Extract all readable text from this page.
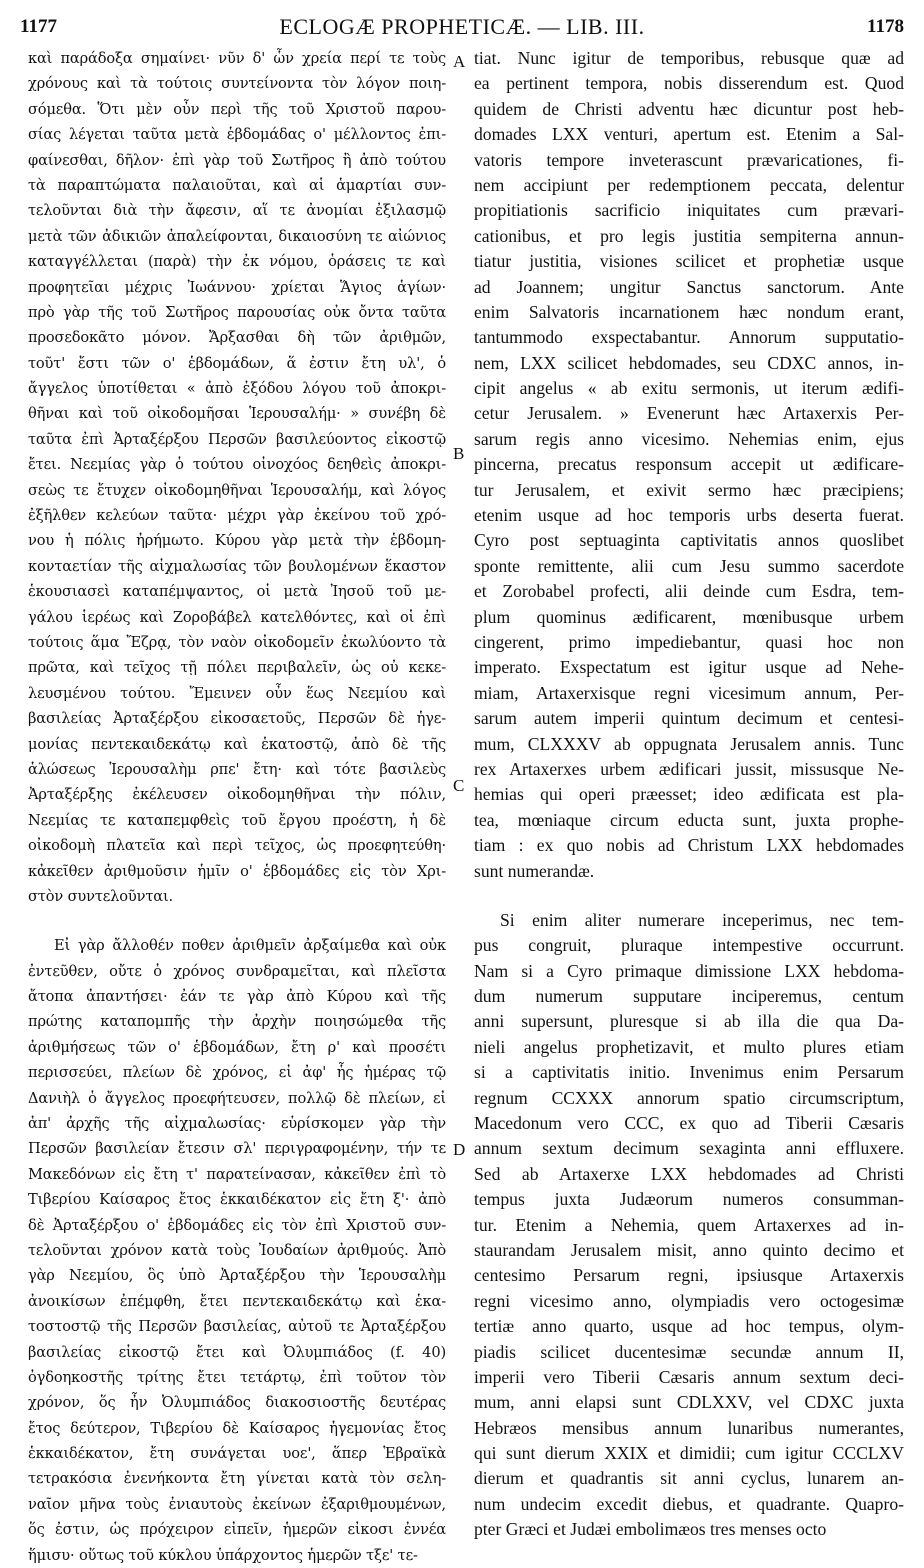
1177	ECLOGÆ PROPHETICÆ. — LIB. III.	1178
καὶ παράδοξα σημαίνει· νῦν δ' ὧν χρεία περί τε τοὺς
χρόνους καὶ τὰ τούτοις συντείνοντα τὸν λόγον ποιη-
σόμεθα. Ὅτι μὲν οὖν περὶ τῆς τοῦ Χριστοῦ παρου-
σίας λέγεται ταῦτα μετὰ ἑβδομάδας ο' μέλλοντος ἐπι-
φαίνεσθαι, δῆλον· ἐπὶ γὰρ τοῦ Σωτῆρος ἢ ἀπὸ τούτου
τὰ παραπτώματα παλαιοῦται, καὶ αἱ ἁμαρτίαι συν-
τελοῦνται διὰ τὴν ἄφεσιν, αἵ τε ἀνομίαι ἐξιλασμῷ
μετὰ τῶν ἀδικιῶν ἀπαλείφονται, δικαιοσύνη τε αἰώνιος
καταγγέλλεται (παρὰ) τὴν ἐκ νόμου, ὁράσεις τε καὶ
προφητεῖαι μέχρις Ἰωάννου· χρίεται Ἅγιος ἁγίων·
πρὸ γὰρ τῆς τοῦ Σωτῆρος παρουσίας οὐκ ὄντα ταῦτα
προσεδοκᾶτο μόνον. Ἄρξασθαι δὴ τῶν ἀριθμῶν,
τοῦτ' ἔστι τῶν ο' ἑβδομάδων, ἅ ἐστιν ἔτη υλ', ὁ
ἄγγελος ὑποτίθεται « ἀπὸ ἐξόδου λόγου τοῦ ἀποκρι-
θῆναι καὶ τοῦ οἰκοδομῆσαι Ἱερουσαλήμ· » συνέβη δὲ
ταῦτα ἐπὶ Ἀρταξέρξου Περσῶν βασιλεύοντος εἰκοστῷ
ἔτει. Νεεμίας γὰρ ὁ τούτου οἰνοχόος δεηθεὶς ἀποκρι-
σεὼς τε ἔτυχεν οἰκοδομηθῆναι Ἱερουσαλήμ, καὶ λόγος
ἐξῆλθεν κελεύων ταῦτα· μέχρι γὰρ ἐκείνου τοῦ χρό-
νου ἡ πόλις ἠρήμωτο. Κύρου γὰρ μετὰ τὴν ἑβδομη-
κονταετίαν τῆς αἰχμαλωσίας τῶν βουλομένων ἕκαστον
ἑκουσιασεὶ καταπέμψαντος, οἱ μετὰ Ἰησοῦ τοῦ με-
γάλου ἱερέως καὶ Ζοροβάβελ κατελθόντες, καὶ οἱ ἐπὶ
τούτοις ἅμα Ἔζρᾳ, τὸν ναὸν οἰκοδομεῖν ἐκωλύοντο τὰ
πρῶτα, καὶ τεῖχος τῇ πόλει περιβαλεῖν, ὡς οὐ κεκε-
λευσμένου τούτου. Ἔμεινεν οὖν ἕως Νεεμίου καὶ
βασιλείας Ἀρταξέρξου εἰκοσαετοῦς, Περσῶν δὲ ἡγε-
μονίας πεντεκαιδεκάτῳ καὶ ἑκατοστῷ, ἀπὸ δὲ τῆς
ἁλώσεως Ἱερουσαλὴμ ρπε' ἔτη· καὶ τότε βασιλεὺς
Ἀρταξέρξης ἐκέλευσεν οἰκοδομηθῆναι τὴν πόλιν,
Νεεμίας τε καταπεμφθεὶς τοῦ ἔργου προέστη, ἡ δὲ
οἰκοδομὴ πλατεῖα καὶ περὶ τεῖχος, ὡς προεφητεύθη·
κἀκεῖθεν ἀριθμοῦσιν ἡμῖν ο' ἑβδομάδες εἰς τὸν Χρι-
στὸν συντελοῦνται.
Εἰ γὰρ ἄλλοθέν ποθεν ἀριθμεῖν ἀρξαίμεθα καὶ οὐκ
ἐντεῦθεν, οὔτε ὁ χρόνος συνδραμεῖται, καὶ πλεῖστα
ἄτοπα ἀπαντήσει· ἐάν τε γὰρ ἀπὸ Κύρου καὶ τῆς
πρώτης καταπομπῆς τὴν ἀρχὴν ποιησώμεθα τῆς
ἀριθμήσεως τῶν ο' ἑβδομάδων, ἔτη ρ' καὶ προσέτι
περισσεύει, πλείων δὲ χρόνος, εἰ ἀφ' ἧς ἡμέρας τῷ
Δανιὴλ ὁ ἄγγελος προεφήτευσεν, πολλῷ δὲ πλείων, εἰ
ἀπ' ἀρχῆς τῆς αἰχμαλωσίας· εὑρίσκομεν γὰρ τὴν
Περσῶν βασιλείαν ἔτεσιν σλ' περιγραφομένην, τήν τε
Μακεδόνων εἰς ἔτη τ' παρατείνασαν, κἀκεῖθεν ἐπὶ τὸ
Τιβερίου Καίσαρος ἔτος ἑκκαιδέκατον εἰς ἔτη ξ'· ἀπὸ
δὲ Ἀρταξέρξου ο' ἑβδομάδες εἰς τὸν ἐπὶ Χριστοῦ συν-
τελοῦνται χρόνον κατὰ τοὺς Ἰουδαίων ἀριθμούς. Ἀπὸ
γὰρ Νεεμίου, ὃς ὑπὸ Ἀρταξέρξου τὴν Ἱερουσαλὴμ
ἀνοικίσων ἐπέμφθη, ἔτει πεντεκαιδεκάτῳ καὶ ἑκα-
τοστοστῷ τῆς Περσῶν βασιλείας, αὐτοῦ τε Ἀρταξέρξου
βασιλείας εἰκοστῷ ἔτει καὶ Ὀλυμπιάδος (f. 40)
ὀγδοηκοστῆς τρίτης ἔτει τετάρτῳ, ἐπὶ τοῦτον τὸν
χρόνον, ὅς ἦν Ὀλυμπιάδος διακοσιοστῆς δευτέρας
ἔτος δεύτερον, Τιβερίου δὲ Καίσαρος ἡγεμονίας ἔτος
ἑκκαιδέκατον, ἔτη συνάγεται υοε', ἅπερ Ἑβραϊκὰ
τετρακόσια ἐνενήκοντα ἔτη γίνεται κατὰ τὸν σελη-
ναῖον μῆνα τοὺς ἐνιαυτοὺς ἐκείνων ἐξαριθμουμένων,
ὅς ἐστιν, ὡς πρόχειρον εἰπεῖν, ἡμερῶν εἰκοσι ἐννέα
ἥμισυ· οὕτως τοῦ κύκλου ὑπάρχοντος ἡμερῶν τξε' τε-
A
B
C
D
tiat. Nunc igitur de temporibus, rebusque quæ ad
ea pertinent tempora, nobis disserendum est. Quod
quidem de Christi adventu hæc dicuntur post heb-
domades LXX venturi, apertum est. Etenim a Sal-
vatoris tempore inveterascunt prævaricationes, fi-
nem accipiunt per redemptionem peccata, delentur
propitiationis sacrificio iniquitates cum prævari-
cationibus, et pro legis justitia sempiterna annun-
tiatur justitia, visiones scilicet et prophetiæ usque
ad Joannem; ungitur Sanctus sanctorum. Ante
enim Salvatoris incarnationem hæc nondum erant,
tantummodo exspectabantur. Annorum supputatio-
nem, LXX scilicet hebdomades, seu CDXC annos, in-
cipit angelus « ab exitu sermonis, ut iterum ædifi-
cetur Jerusalem. » Evenerunt hæc Artaxerxis Per-
sarum regis anno vicesimo. Nehemias enim, ejus
pincerna, precatus responsum accepit ut ædificare-
tur Jerusalem, et exivit sermo hæc præcipiens;
etenim usque ad hoc temporis urbs deserta fuerat.
Cyro post septuaginta captivitatis annos quoslibet
sponte remittente, alii cum Jesu summo sacerdote
et Zorobabel profecti, alii deinde cum Esdra, tem-
plum quominus ædificarent, mœnibusque urbem
cingerent, primo impediebantur, quasi hoc non
imperato. Exspectatum est igitur usque ad Nehe-
miam, Artaxerxisque regni vicesimum annum, Per-
sarum autem imperii quintum decimum et centesi-
mum, CLXXXV ab oppugnata Jerusalem annis. Tunc
rex Artaxerxes urbem ædificari jussit, missusque Ne-
hemias qui operi præesset; ideo ædificata est pla-
tea, mœniaque circum educta sunt, juxta prophe-
tiam : ex quo nobis ad Christum LXX hebdomades
sunt numerandæ.
Si enim aliter numerare inceperimus, nec tem-
pus congruit, pluraque intempestive occurrunt.
Nam si a Cyro primaque dimissione LXX hebdoma-
dum numerum supputare inciperemus, centum
anni supersunt, pluresque si ab illa die qua Da-
nieli angelus prophetizavit, et multo plures etiam
si a captivitatis initio. Invenimus enim Persarum
regnum CCXXX annorum spatio circumscriptum,
Macedonum vero CCC, ex quo ad Tiberii Cæsaris
annum sextum decimum sexaginta anni effluxere.
Sed ab Artaxerxe LXX hebdomades ad Christi
tempus juxta Judæorum numeros consumman-
tur. Etenim a Nehemia, quem Artaxerxes ad in-
staurandam Jerusalem misit, anno quinto decimo et
centesimo Persarum regni, ipsiusque Artaxerxis
regni vicesimo anno, olympiadis vero octogesimæ
tertiæ anno quarto, usque ad hoc tempus, olym-
piadis scilicet ducentesimæ secundæ annum II,
imperii vero Tiberii Cæsaris annum sextum deci-
mum, anni elapsi sunt CDLXXV, vel CDXC juxta
Hebræos mensibus annum lunaribus numerantes,
qui sunt dierum XXIX et dimidii; cum igitur CCCLXV
dierum et quadrantis sit anni cyclus, lunarem an-
num undecim excedit diebus, et quadrante. Quapro-
pter Græci et Judæi embolimæos tres menses octo
